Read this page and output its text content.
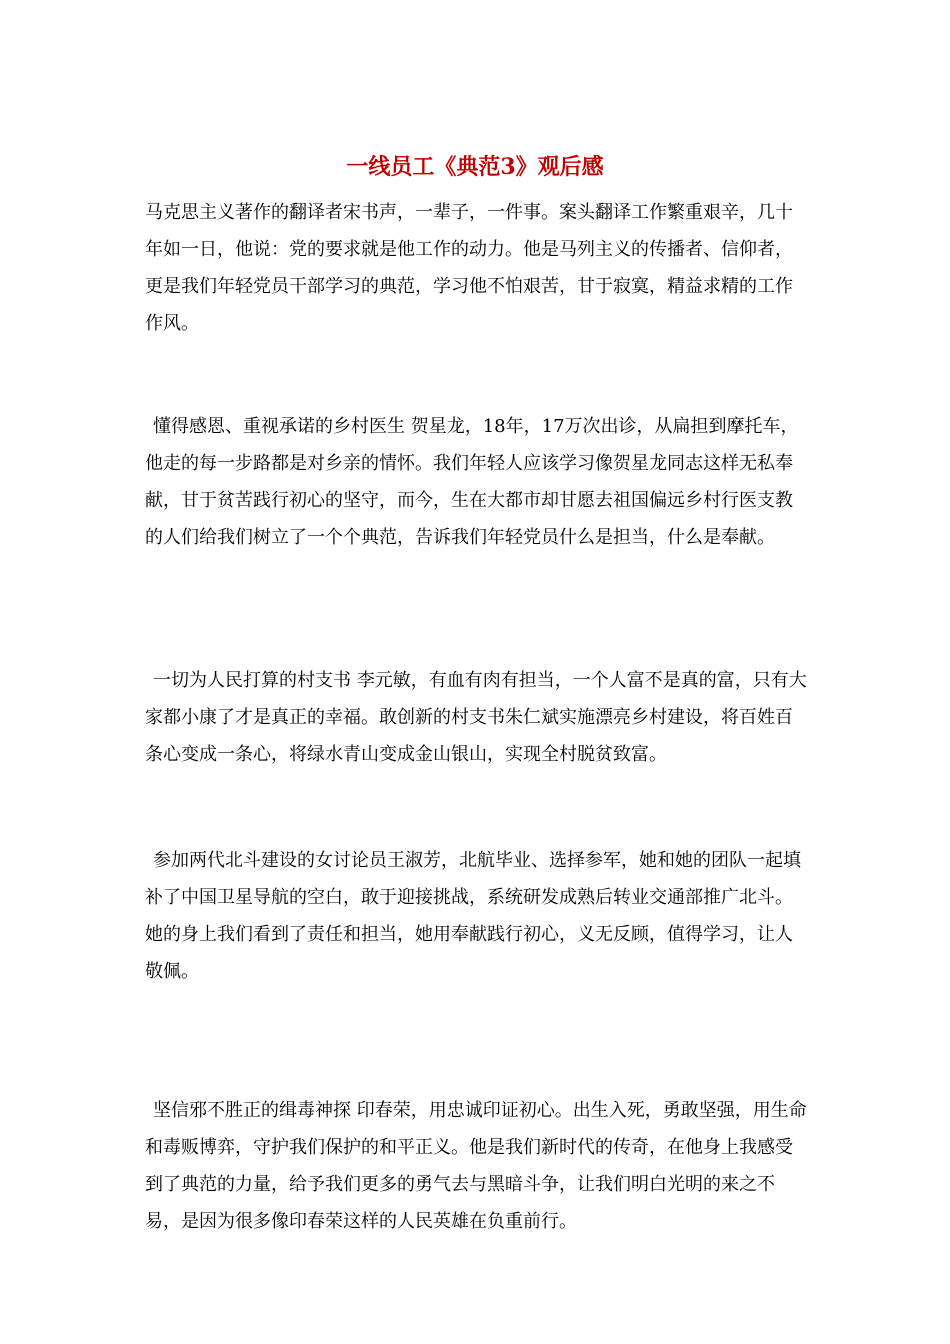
一线员工《典范3》观后感

马克思主义著作的翻译者宋书声，一辈子，一件事。案头翻译工作繁重艰辛，几十年如一日，他说：党的要求就是他工作的动力。他是马列主义的传播者、信仰者，更是我们年轻党员干部学习的典范，学习他不怕艰苦，甘于寂寞，精益求精的工作作风。

懂得感恩、重视承诺的乡村医生 贺星龙，18年，17万次出诊，从扁担到摩托车，他走的每一步路都是对乡亲的情怀。我们年轻人应该学习像贺星龙同志这样无私奉献，甘于贫苦践行初心的坚守，而今，生在大都市却甘愿去祖国偏远乡村行医支教的人们给我们树立了一个个典范，告诉我们年轻党员什么是担当，什么是奉献。

一切为人民打算的村支书 李元敏，有血有肉有担当，一个人富不是真的富，只有大家都小康了才是真正的幸福。敢创新的村支书朱仁斌实施漂亮乡村建设，将百姓百条心变成一条心，将绿水青山变成金山银山，实现全村脱贫致富。

参加两代北斗建设的女讨论员王淑芳，北航毕业、选择参军，她和她的团队一起填补了中国卫星导航的空白，敢于迎接挑战，系统研发成熟后转业交通部推广北斗。她的身上我们看到了责任和担当，她用奉献践行初心，义无反顾，值得学习，让人敬佩。

坚信邪不胜正的缉毒神探 印春荣，用忠诚印证初心。出生入死，勇敢坚强，用生命和毒贩博弈，守护我们保护的和平正义。他是我们新时代的传奇，在他身上我感受到了典范的力量，给予我们更多的勇气去与黑暗斗争，让我们明白光明的来之不易，是因为很多像印春荣这样的人民英雄在负重前行。
